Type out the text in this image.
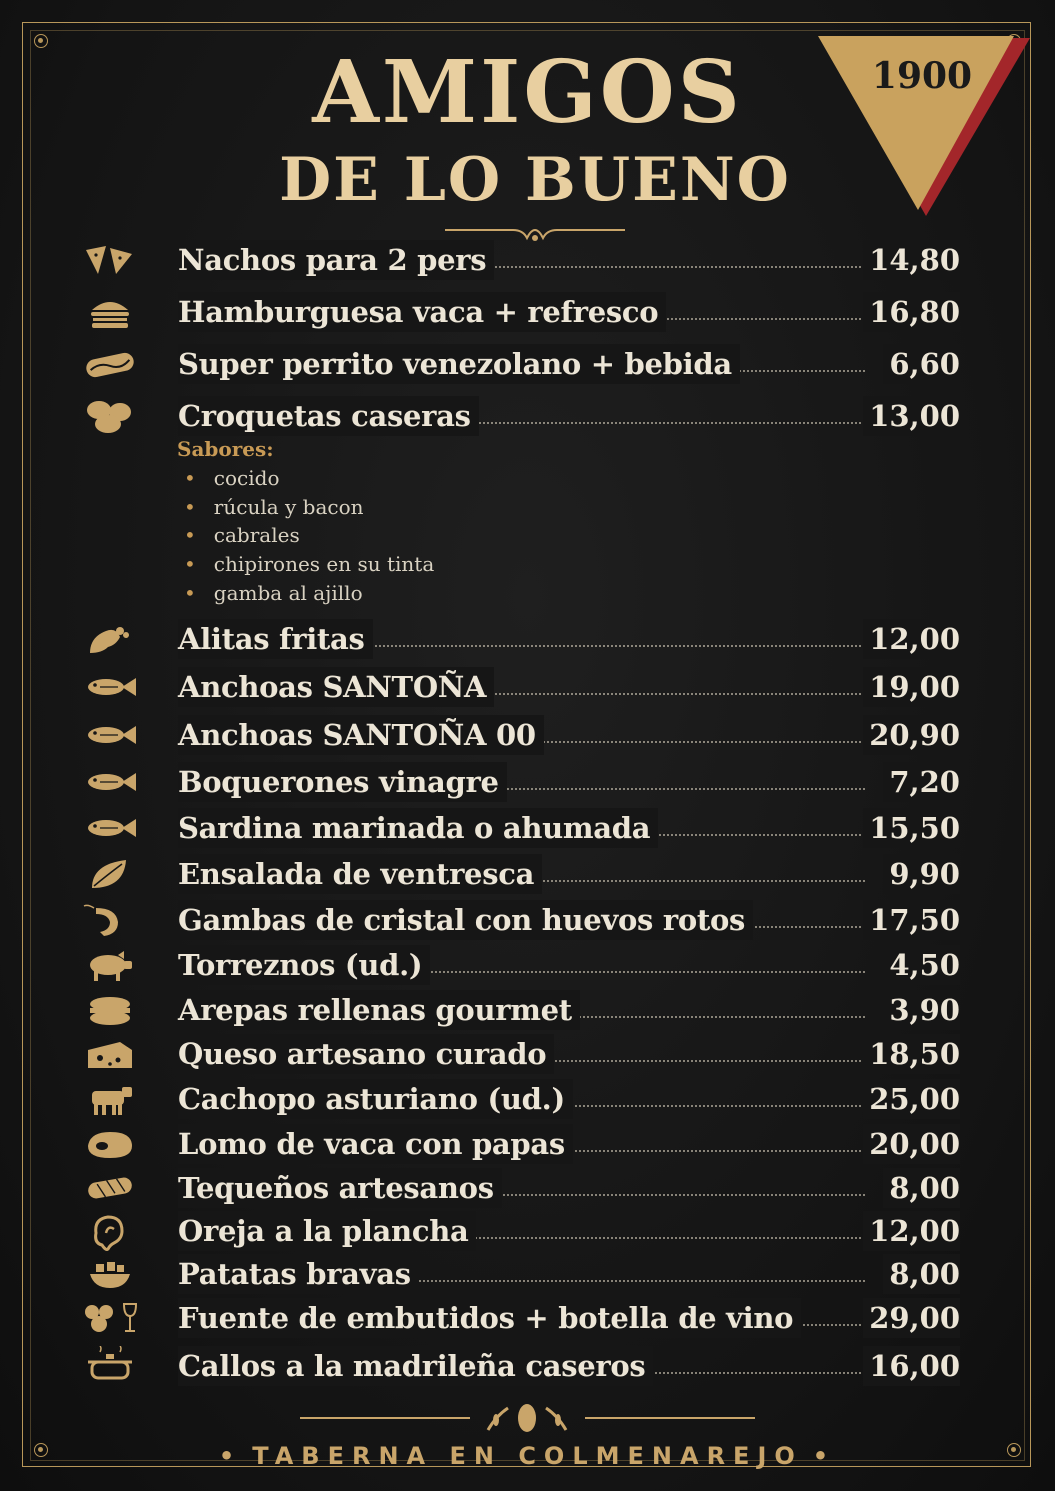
1900
AMIGOS
DE LO BUENO
Nachos para 2 pers	14,80
Hamburguesa vaca + refresco	16,80
Super perrito venezolano + bebida	6,60
Croquetas caseras	13,00
Alitas fritas	12,00
Anchoas SANTOÑA	19,00
Anchoas SANTOÑA 00	20,90
Boquerones vinagre	7,20
Sardina marinada o ahumada	15,50
Ensalada de ventresca	9,90
Gambas de cristal con huevos rotos	17,50
Torreznos (ud.)	4,50
Arepas rellenas gourmet	3,90
Queso artesano curado	18,50
Cachopo asturiano (ud.)	25,00
Lomo de vaca con papas	20,00
Tequeños artesanos	8,00
Oreja a la plancha	12,00
Patatas bravas	8,00
Fuente de embutidos + botella de vino	29,00
Callos a la madrileña caseros	16,00
Sabores:
• cocido
• rúcula y bacon
• cabrales
• chipirones en su tinta
• gamba al ajillo
• TABERNA EN COLMENAREJO •
